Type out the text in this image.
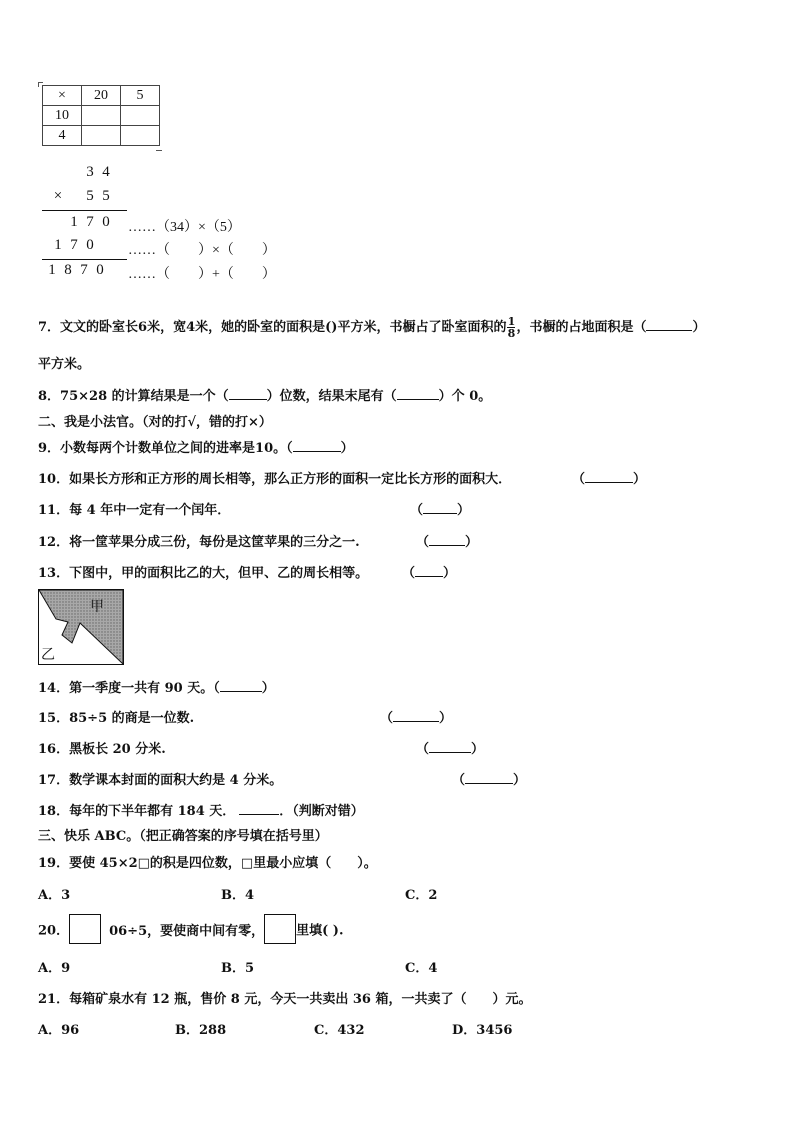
×	20	5
10		
4		
3 4
× 5 5
1 7 0	……（34）×（5）
1 7 0	……（　　）×（　　）
1 8 7 0	……（　　）+（　　）
7．文文的卧室长6米，宽4米，她的卧室的面积是()平方米，书橱占了卧室面积的 $\frac{1}{8}$ ，书橱的占地面积是（	）
平方米。
8．75×28 的计算结果是一个（	）位数，结果末尾有（	）个 0。
二、我是小法官。（对的打√，错的打×）
9．小数每两个计数单位之间的进率是10。（	）
10．如果长方形和正方形的周长相等，那么正方形的面积一定比长方形的面积大．	（	）
11．每 4 年中一定有一个闰年．	（	）
12．将一筐苹果分成三份，每份是这筐苹果的三分之一.	（	）
13．下图中，甲的面积比乙的大，但甲、乙的周长相等。	（ ）
甲
乙
14．第一季度一共有 90 天。（	）
15．85÷5 的商是一位数.	（	）
16．黑板长 20 分米.	（	）
17．数学课本封面的面积大约是 4 分米。	（	）
18．每年的下半年都有 184 天．	．（判断对错）
三、快乐 ABC。（把正确答案的序号填在括号里）
19．要使 45×2□的积是四位数，□里最小应填（　　）。
A．3	B．4	C．2
20．	06÷5，要使商中间有零， 里填( ).
A．9	B．5	C．4
21．每箱矿泉水有 12 瓶，售价 8 元，今天一共卖出 36 箱，一共卖了（　　）元。
A．96	B．288	C．432	D．3456
